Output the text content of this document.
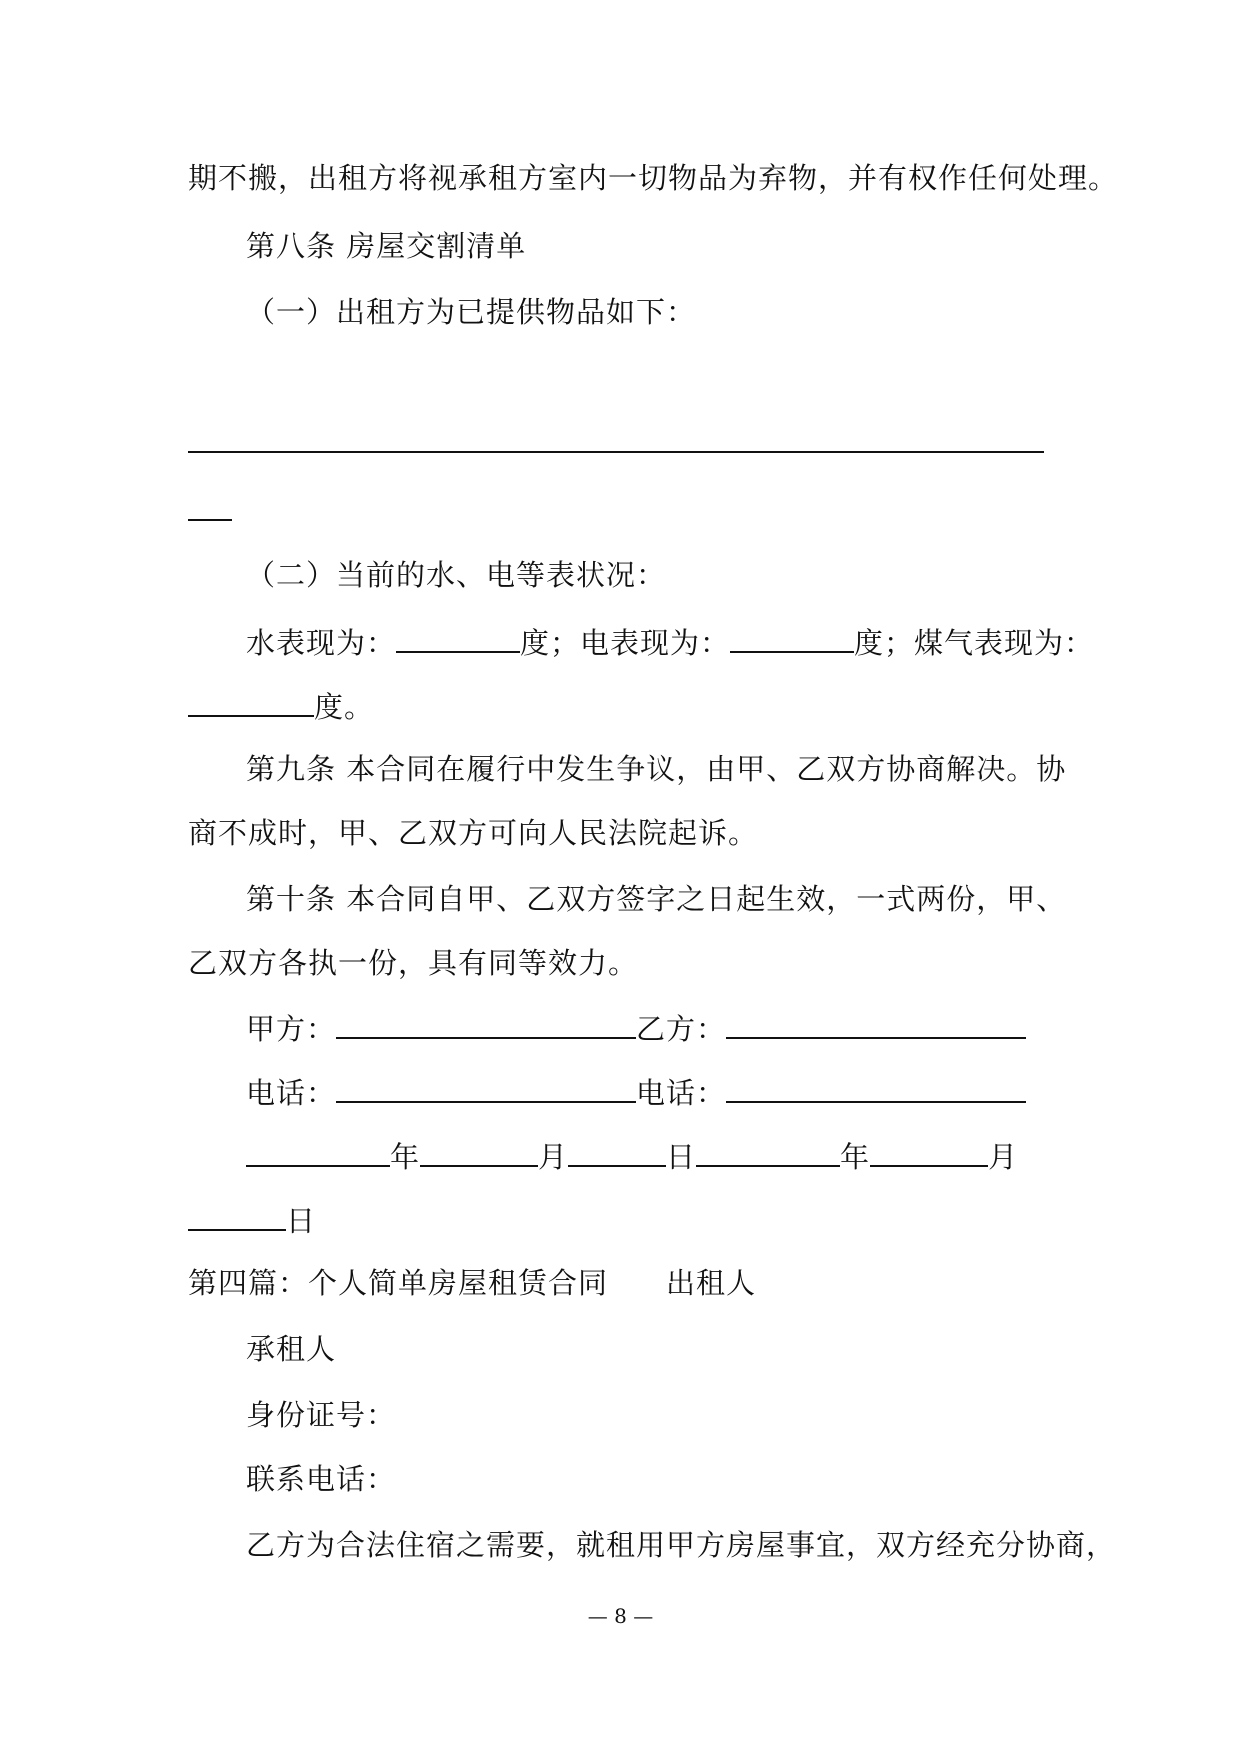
期不搬，出租方将视承租方室内一切物品为弃物，并有权作任何处理。
第八条 房屋交割清单
（一）出租方为已提供物品如下：
（二）当前的水、电等表状况：
水表现为：	度；电表现为：	度；煤气表现为：
度。
第九条 本合同在履行中发生争议，由甲、乙双方协商解决。协
商不成时，甲、乙双方可向人民法院起诉。
第十条 本合同自甲、乙双方签字之日起生效，一式两份，甲、
乙双方各执一份，具有同等效力。
甲方：	乙方：
电话：	电话：
年	月	日	年	月
日
第四篇：个人简单房屋租赁合同 出租人
承租人
身份证号：
联系电话：
乙方为合法住宿之需要，就租用甲方房屋事宜，双方经充分协商，
— 8 —
